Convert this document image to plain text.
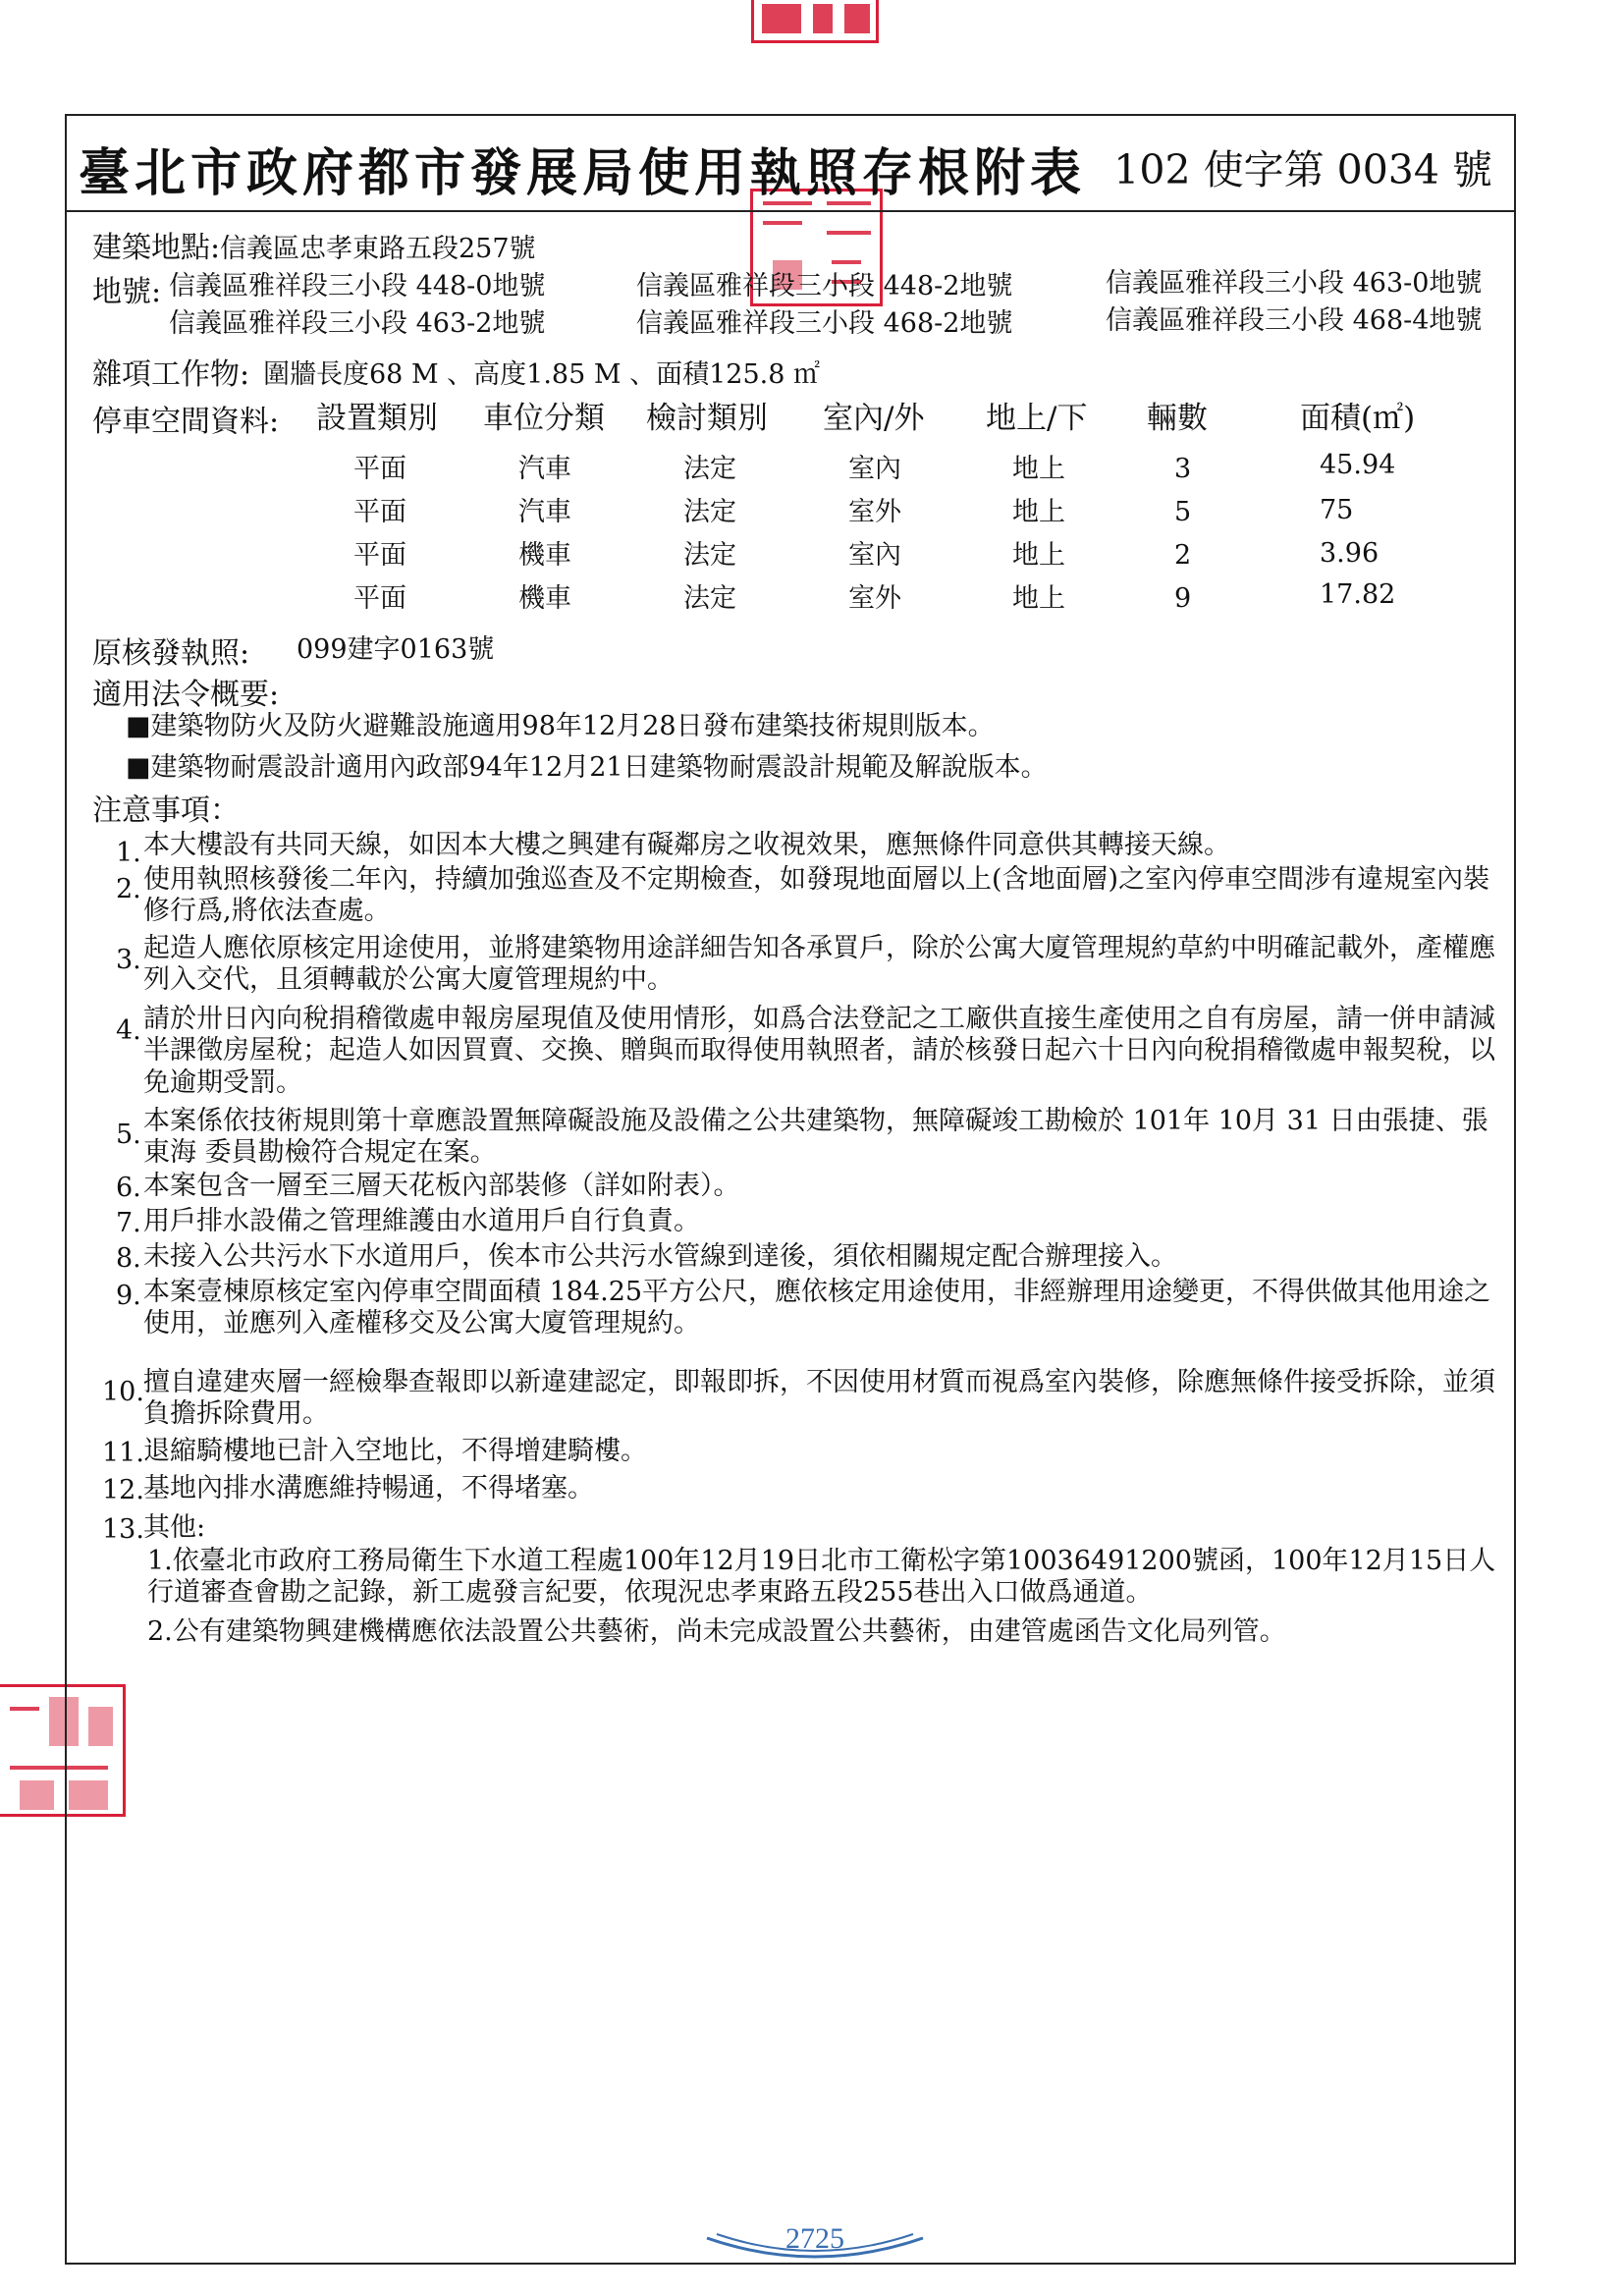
臺北市政府都市發展局使用執照存根附表 102 使字第 0034 號
建築地點: 信義區忠孝東路五段257號
地號: 信義區雅祥段三小段 448-0地號	信義區雅祥段三小段 448-2地號	信義區雅祥段三小段 463-0地號
信義區雅祥段三小段 463-2地號	信義區雅祥段三小段 468-2地號	信義區雅祥段三小段 468-4地號
雜項工作物: 圍牆長度68 M 、高度1.85 M 、面積125.8 ㎡
停車空間資料: 設置類別 車位分類 檢討類別 室內/外 地上/下 輛數	面積(㎡)
平面	汽車	法定	室內	地上	3	45.94
平面	汽車	法定	室外	地上	5	75
平面	機車	法定	室內	地上	2	3.96
平面	機車	法定	室外	地上	9	17.82
原核發執照: 099建字0163號
適用法令概要:
■建築物防火及防火避難設施適用98年12月28日發布建築技術規則版本。
■建築物耐震設計適用內政部94年12月21日建築物耐震設計規範及解說版本。
注意事項：
1. 本大樓設有共同天線，如因本大樓之興建有礙鄰房之收視效果，應無條件同意供其轉接天線。
2. 使用執照核發後二年內，持續加強巡查及不定期檢查，如發現地面層以上(含地面層)之室內停車空間涉有違規室內裝修行爲,將依法查處。
3. 起造人應依原核定用途使用，並將建築物用途詳細告知各承買戶，除於公寓大廈管理規約草約中明確記載外，產權應列入交代，且須轉載於公寓大廈管理規約中。
4. 請於卅日內向稅捐稽徵處申報房屋現值及使用情形，如爲合法登記之工廠供直接生產使用之自有房屋，請一併申請減半課徵房屋稅；起造人如因買賣、交換、贈與而取得使用執照者，請於核發日起六十日內向稅捐稽徵處申報契稅，以免逾期受罰。
5. 本案係依技術規則第十章應設置無障礙設施及設備之公共建築物，無障礙竣工勘檢於 101年 10月 31 日由張捷、張東海 委員勘檢符合規定在案。
6. 本案包含一層至三層天花板內部裝修（詳如附表）。
7. 用戶排水設備之管理維護由水道用戶自行負責。
8. 未接入公共污水下水道用戶，俟本市公共污水管線到達後，須依相關規定配合辦理接入。
9. 本案壹棟原核定室內停車空間面積 184.25平方公尺，應依核定用途使用，非經辦理用途變更，不得供做其他用途之使用，並應列入產權移交及公寓大廈管理規約。
10. 擅自違建夾層一經檢舉查報即以新違建認定，即報即拆，不因使用材質而視爲室內裝修，除應無條件接受拆除，並須負擔拆除費用。
11. 退縮騎樓地已計入空地比，不得增建騎樓。
12. 基地內排水溝應維持暢通，不得堵塞。
13. 其他:
1.依臺北市政府工務局衛生下水道工程處100年12月19日北市工衛松字第10036491200號函，100年12月15日人行道審查會勘之記錄，新工處發言紀要，依現況忠孝東路五段255巷出入口做爲通道。
2.公有建築物興建機構應依法設置公共藝術，尚未完成設置公共藝術，由建管處函告文化局列管。
2725
